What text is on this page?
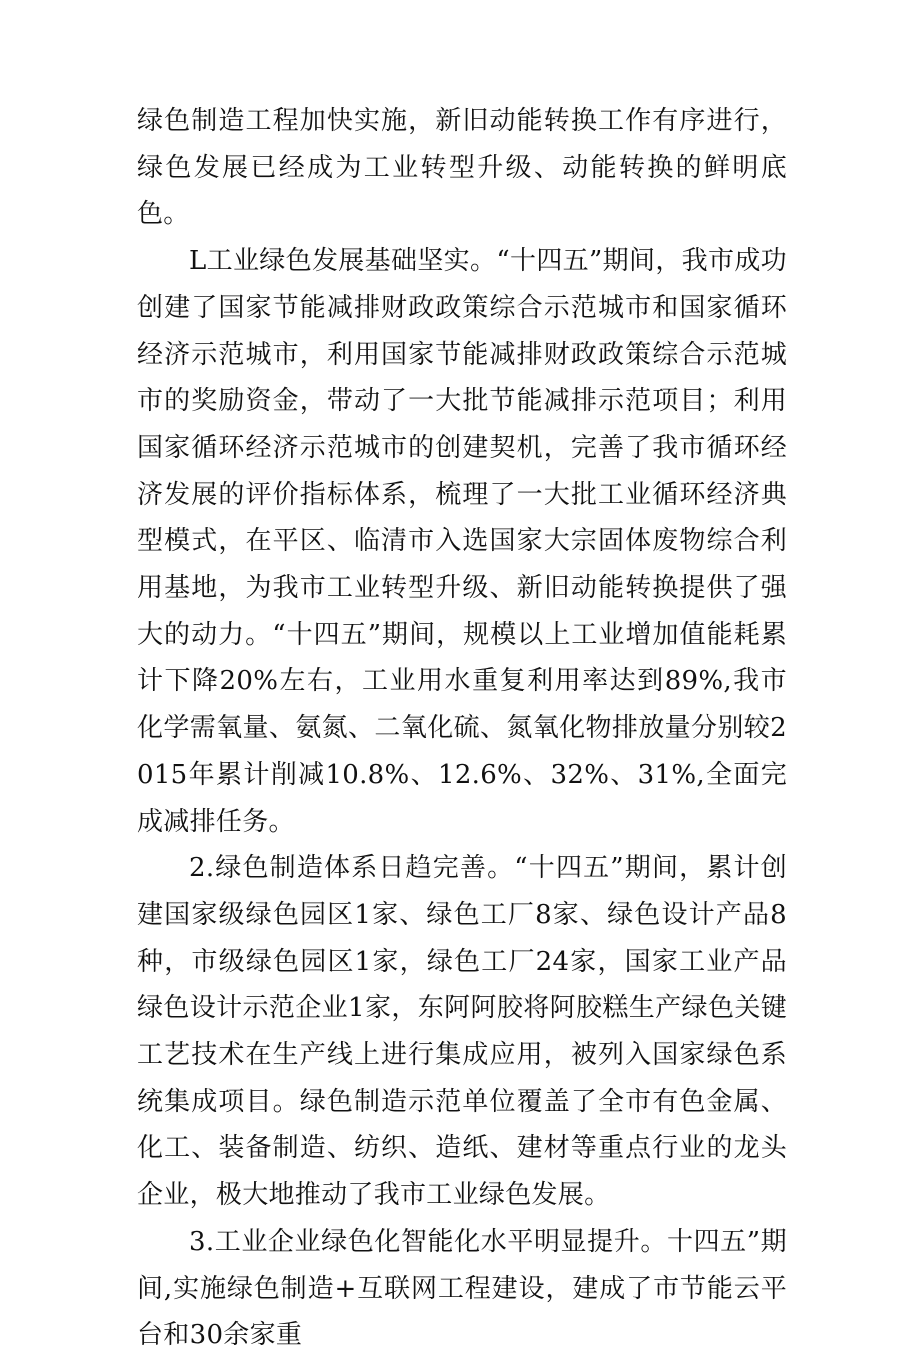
绿色制造工程加快实施，新旧动能转换工作有序进行，绿色发展已经成为工业转型升级、动能转换的鲜明底色。

L工业绿色发展基础坚实。“十四五”期间，我市成功创建了国家节能减排财政政策综合示范城市和国家循环经济示范城市，利用国家节能减排财政政策综合示范城市的奖励资金，带动了一大批节能减排示范项目；利用国家循环经济示范城市的创建契机，完善了我市循环经济发展的评价指标体系，梳理了一大批工业循环经济典型模式，在平区、临清市入选国家大宗固体废物综合利用基地，为我市工业转型升级、新旧动能转换提供了强大的动力。“十四五”期间，规模以上工业增加值能耗累计下降20%左右，工业用水重复利用率达到89%,我市化学需氧量、氨氮、二氧化硫、氮氧化物排放量分别较2015年累计削减10.8%、12.6%、32%、31%,全面完成减排任务。

2.绿色制造体系日趋完善。“十四五”期间，累计创建国家级绿色园区1家、绿色工厂8家、绿色设计产品8种，市级绿色园区1家，绿色工厂24家，国家工业产品绿色设计示范企业1家，东阿阿胶将阿胶糕生产绿色关键工艺技术在生产线上进行集成应用，被列入国家绿色系统集成项目。绿色制造示范单位覆盖了全市有色金属、化工、装备制造、纺织、造纸、建材等重点行业的龙头企业，极大地推动了我市工业绿色发展。

3.工业企业绿色化智能化水平明显提升。十四五”期间,实施绿色制造+互联网工程建设，建成了市节能云平台和30余家重
